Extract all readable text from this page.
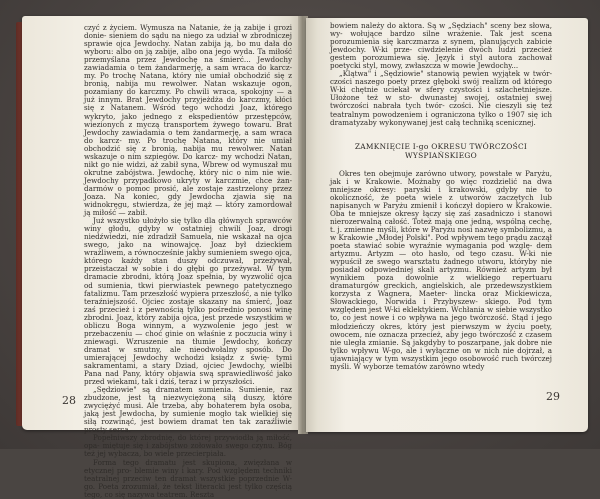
czyć z życiem. Wymusza na Natanie, że ją zabije i grozi donie- sieniem do sądu na niego za udział w zbrodniczej sprawie ojca Jewdochy. Natan zabija ją, bo mu dała do wyboru: albo on ją zabije, albo ona jego wyda. Ta miłość przemyślana przez Jewdochę na śmierć... Jewdochy zawiadamia o tem żandarmerję, a sam wraca do karcz- my. Po trochę Natana, który nie umiał obchodzić się z bronią, nabija mu rewolwer. Natan wskazuje ogon, pozamiany do karczmy. Po chwili wraca, spokojny — a już innym. Brat Jewdochy przyjeżdża do karczmy, kłóci się z Natanem. Wśród tego wchodzi Joaz, którego wykryto, jako jednego z ekspedientów przestępców, wiezionych z myczą transportem żywego towaru. Brat Jewdochy zawiadamia o tem żandarmerję, a sam wraca do karcz- my. Po trochę Natana, który nie umiał obchodzić się z bronią, nabija mu rewolwer. Natan wskazuje o nim szpiegów. Do karcz- my wchodzi Natan, nikt go nie widzi, aż zabił syna, Wbrew od wymuszał mu okrutne zabójstwa. Jewdochę, który nic o nim nie wie. Jewdochy przypadkowo ukryty w karczmie, chce żan- darmów o pomoc prosić, ale zostaje zastrzelony przez Joaza. Na koniec, gdy Jewdocha zjawia się na widnokręgu, stwierdza, że jej mąż — który zamordował ją miłość — zabił.

Już wszystko ułożyło się tylko dla głównych sprawców winy głodu, gdyby w ostatniej chwili Joaz, drogi niedźwiedzi, nie zdradził Samuela, nie wskazał na ojca swego, jako na winowajcę. Joaz był dzieckiem wrażliwem, a równocześnie jakby sumieniem swego ojca, którego każdy stan duszy odczuwał, przeżywał, przeistaczał w sobie i do głębi go przeżywał. W tym dramacie zbrodni, którą Joaz spełnia, by wyzwolić ojca od sumienia, tkwi pierwiastek pewnego patetycznego fatalizmu. Tam przeszłość wypiera przeszłość, a nie tylko teraźniejszość. Ojciec zostaje skazany na śmierć, Joaz zaś przecież i z pewnością tylko pośrednio ponosi winę zbrodni. Joaz, który zabija ojca, jest przede wszystkim w obliczu Boga winnym, a wyzwolenie jego jest w przebaczeniu — choć ginie on właśnie z poczucia winy i zniewagi. Wzruszenie na tłumie Jewdochy, kończy dramat w smutny, ale nieodwołalny sposób. Do umierającej Jewdochy wchodzi ksiądz z świę- tymi sakramentami, a stary Dziad, ojciec Jewdochy, wielbi Pana nad Pany, który objawia swą sprawiedliwość jako przed wiekami, tak i dziś, teraz i w przyszłości.

„Sędziowie" są dramatem sumienia. Sumienie, raz zbudzone, jest tą niezwyciężoną siłą duszy, które zwyciężyć musi. Ale trzeba, aby bohaterem była osoba, jaką jest Jewdocha, by sumienie mogło tak wielkiej się siłą rozwinąć, jest bowiem dramat ten tak zaraźliwie prosty serca.

Popełniwszy zbrodnię, do której przywiodła ją miłość, opa- miętuje się i zabójstwo zołowało swego czynu. Bóg też jej wybacza, bo wiele przecierpiała.

Forma tego dramatu jest skupiona, zwięzłana w etycznej pro- blemie winy i kary. Pod względem techniki teatralnej przeciw ten dramat wszystkie poprzednie W-go. Poeta zrozumiał, że tekst literacki jest tylko częścią tego, co się nazywa teatrem. Reszta

28

bowiem należy do aktora. Są w „Sędziach" sceny bez słowa, wy- wołujące bardzo silne wrażenie. Tak jest scena porozumienia się karczmarza z synem, planujących zabicie Jewdochy. W-ki prze- ciwdzielenie dwóch ludzi przecież gestem porozumiewa się. Język i styl autora zachował poetycki styl, mowy, zwłaszcza w mowie Jewdochy...

„Klątwa" i „Sędziowie" stanowią pewien wyjątek w twór- czości naszego poety przez głęboki swój realizm od którego W-ki chętnie uciekał w sfery czystości i szlachetniejsze. Ułożone też w sto- dwunastej swojej, ostatniej swej twórczości nabrała tych twór- czości. Nie cieszyli się też teatralnym powodzeniem i ograniczona tylko o 1907 się ich dramatyzaby wykonywanej jest całą techniką scenicznej.

ZAMKNIĘCIE I-go OKRESU TWÓRCZOŚCI
WYSPIAŃSKIEGO

Okres ten obejmuje zarówno utwory, powstałe w Paryżu, jak i w Krakowie. Możnaby go więc rozdzielić na dwa mniejsze okresy: paryski i krakowski, gdyby nie to okoliczność, że poeta wiele z utworów zaczętych lub napisanych w Paryżu zmienił i kończył dopiero w Krakowie. Oba te mniejsze okresy łączy się zaś zasadniczo i stanowi nierozerwalną całość. Toteż mają one jedną, wspólną cechę, t. j. zmienne myśli, które w Paryżu nosi nazwę symbolizmu, a w Krakowie „Młodej Polski". Pod wpływem tego prądu zaczął poeta stawiać sobie wyraźnie wymagania pod wzglę- dem artyzmu. Artyzm — oto hasło, od tego czasu. W-ki nie wypuścił ze swego warsztatu żadnego utworu, któryby nie posiadał odpowiedniej skali artyzmu. Również artyzm był wynikiem poza dowolnie z wielkiego repertuaru dramaturgów greckich, angielskich, ale przedewszystkiem korzysta z Wagnera, Maeter- lincka oraz Mickiewicza, Słowackiego, Norwida i Przybyszew- skiego. Pod tym względem jest W-ki eklektykiem. Wchłania w siebie wszystko to, co jest nowe i co wpływa na jego twórczość. Stąd i jego młodzieńczy okres, który jest pierwszym w życiu poety, owocem, nie oznacza przecież, aby jego twórczość z czasem nie uległa zmianie. Są jakgdyby to poszarpane, jak dobre nie tylko wpływu W-go, ale i wyłączne on w nich nie dojrzał, a ujawniający w tym wszystkim jego osobowość ruch twórczej myśli. W wyborze tematów zarówno wtedy

29
